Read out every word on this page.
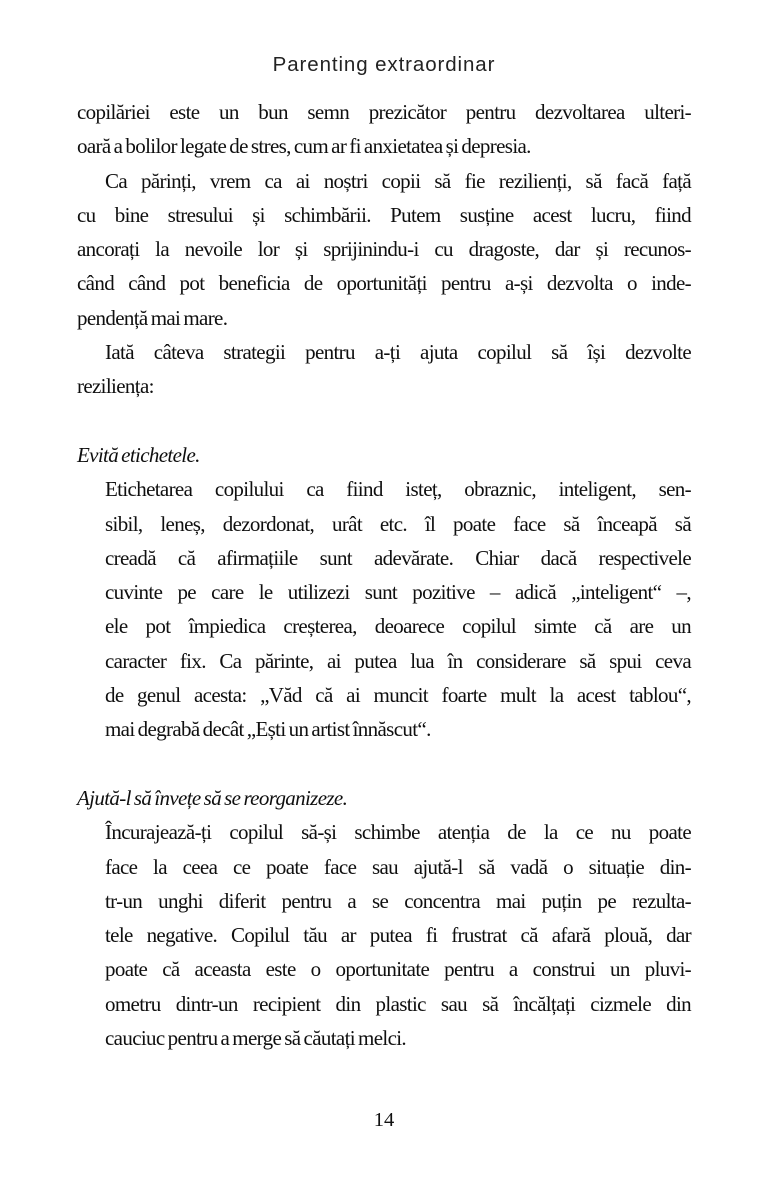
Parenting extraordinar
copilăriei este un bun semn prezicător pentru dezvoltarea ulteri-
oară a bolilor legate de stres, cum ar fi anxietatea și depresia.
Ca părinți, vrem ca ai noștri copii să fie rezilienți, să facă față
cu bine stresului și schimbării. Putem susține acest lucru, fiind
ancorați la nevoile lor și sprijinindu-i cu dragoste, dar și recunos-
când când pot beneficia de oportunități pentru a-și dezvolta o inde-
pendență mai mare.
Iată câteva strategii pentru a-ți ajuta copilul să își dezvolte
reziliența:
Evită etichetele.
Etichetarea copilului ca fiind isteț, obraznic, inteligent, sen-
sibil, leneș, dezordonat, urât etc. îl poate face să înceapă să
creadă că afirmațiile sunt adevărate. Chiar dacă respectivele
cuvinte pe care le utilizezi sunt pozitive – adică „inteligent“ –,
ele pot împiedica creșterea, deoarece copilul simte că are un
caracter fix. Ca părinte, ai putea lua în considerare să spui ceva
de genul acesta: „Văd că ai muncit foarte mult la acest tablou“,
mai degrabă decât „Ești un artist înnăscut“.
Ajută-l să învețe să se reorganizeze.
Încurajează-ți copilul să-și schimbe atenția de la ce nu poate
face la ceea ce poate face sau ajută-l să vadă o situație din-
tr-un unghi diferit pentru a se concentra mai puțin pe rezulta-
tele negative. Copilul tău ar putea fi frustrat că afară plouă, dar
poate că aceasta este o oportunitate pentru a construi un pluvi-
ometru dintr-un recipient din plastic sau să încălțați cizmele din
cauciuc pentru a merge să căutați melci.
14
